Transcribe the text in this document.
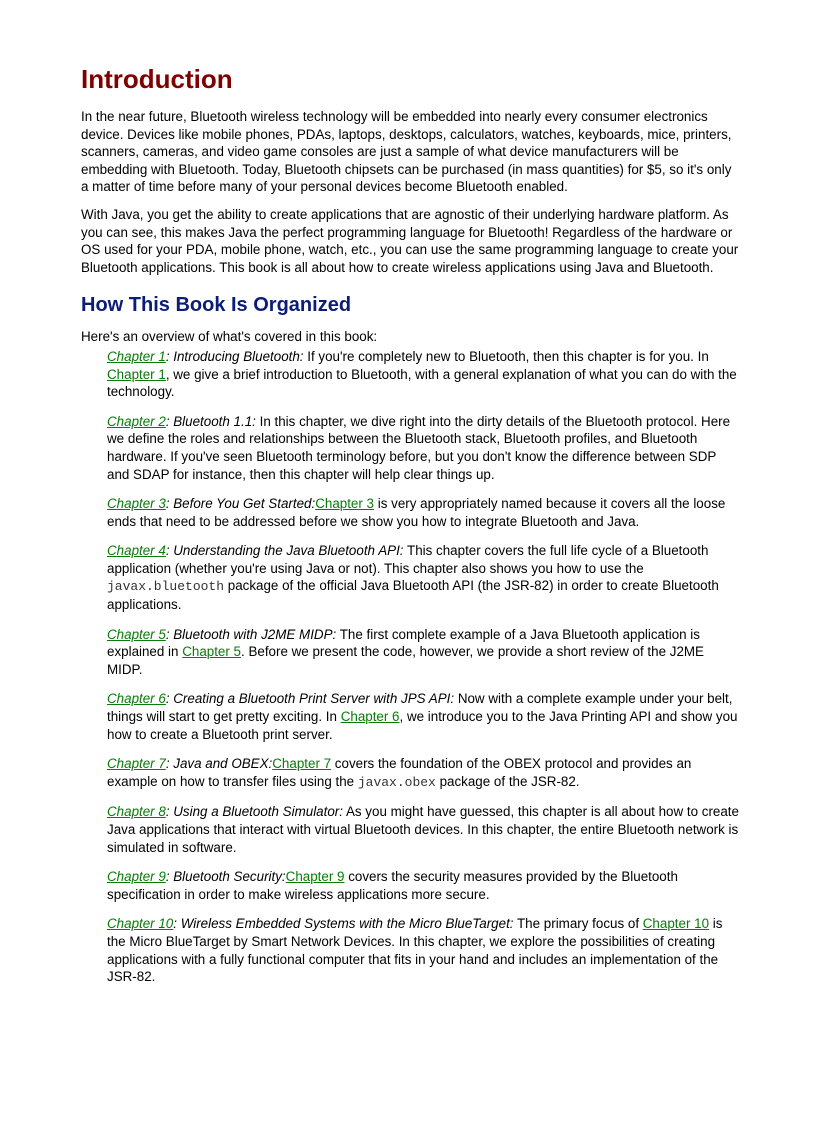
Introduction

In the near future, Bluetooth wireless technology will be embedded into nearly every consumer electronics device. Devices like mobile phones, PDAs, laptops, desktops, calculators, watches, keyboards, mice, printers, scanners, cameras, and video game consoles are just a sample of what device manufacturers will be embedding with Bluetooth. Today, Bluetooth chipsets can be purchased (in mass quantities) for $5, so it's only a matter of time before many of your personal devices become Bluetooth enabled.

With Java, you get the ability to create applications that are agnostic of their underlying hardware platform. As you can see, this makes Java the perfect programming language for Bluetooth! Regardless of the hardware or OS used for your PDA, mobile phone, watch, etc., you can use the same programming language to create your Bluetooth applications. This book is all about how to create wireless applications using Java and Bluetooth.

How This Book Is Organized

Here's an overview of what's covered in this book:

Chapter 1: Introducing Bluetooth: If you're completely new to Bluetooth, then this chapter is for you. In Chapter 1, we give a brief introduction to Bluetooth, with a general explanation of what you can do with the technology.

Chapter 2: Bluetooth 1.1: In this chapter, we dive right into the dirty details of the Bluetooth protocol. Here we define the roles and relationships between the Bluetooth stack, Bluetooth profiles, and Bluetooth hardware. If you've seen Bluetooth terminology before, but you don't know the difference between SDP and SDAP for instance, then this chapter will help clear things up.

Chapter 3: Before You Get Started:Chapter 3 is very appropriately named because it covers all the loose ends that need to be addressed before we show you how to integrate Bluetooth and Java.

Chapter 4: Understanding the Java Bluetooth API: This chapter covers the full life cycle of a Bluetooth application (whether you're using Java or not). This chapter also shows you how to use the javax.bluetooth package of the official Java Bluetooth API (the JSR-82) in order to create Bluetooth applications.

Chapter 5: Bluetooth with J2ME MIDP: The first complete example of a Java Bluetooth application is explained in Chapter 5. Before we present the code, however, we provide a short review of the J2ME MIDP.

Chapter 6: Creating a Bluetooth Print Server with JPS API: Now with a complete example under your belt, things will start to get pretty exciting. In Chapter 6, we introduce you to the Java Printing API and show you how to create a Bluetooth print server.

Chapter 7: Java and OBEX:Chapter 7 covers the foundation of the OBEX protocol and provides an example on how to transfer files using the javax.obex package of the JSR-82.

Chapter 8: Using a Bluetooth Simulator: As you might have guessed, this chapter is all about how to create Java applications that interact with virtual Bluetooth devices. In this chapter, the entire Bluetooth network is simulated in software.

Chapter 9: Bluetooth Security:Chapter 9 covers the security measures provided by the Bluetooth specification in order to make wireless applications more secure.

Chapter 10: Wireless Embedded Systems with the Micro BlueTarget: The primary focus of Chapter 10 is the Micro BlueTarget by Smart Network Devices. In this chapter, we explore the possibilities of creating applications with a fully functional computer that fits in your hand and includes an implementation of the JSR-82.
